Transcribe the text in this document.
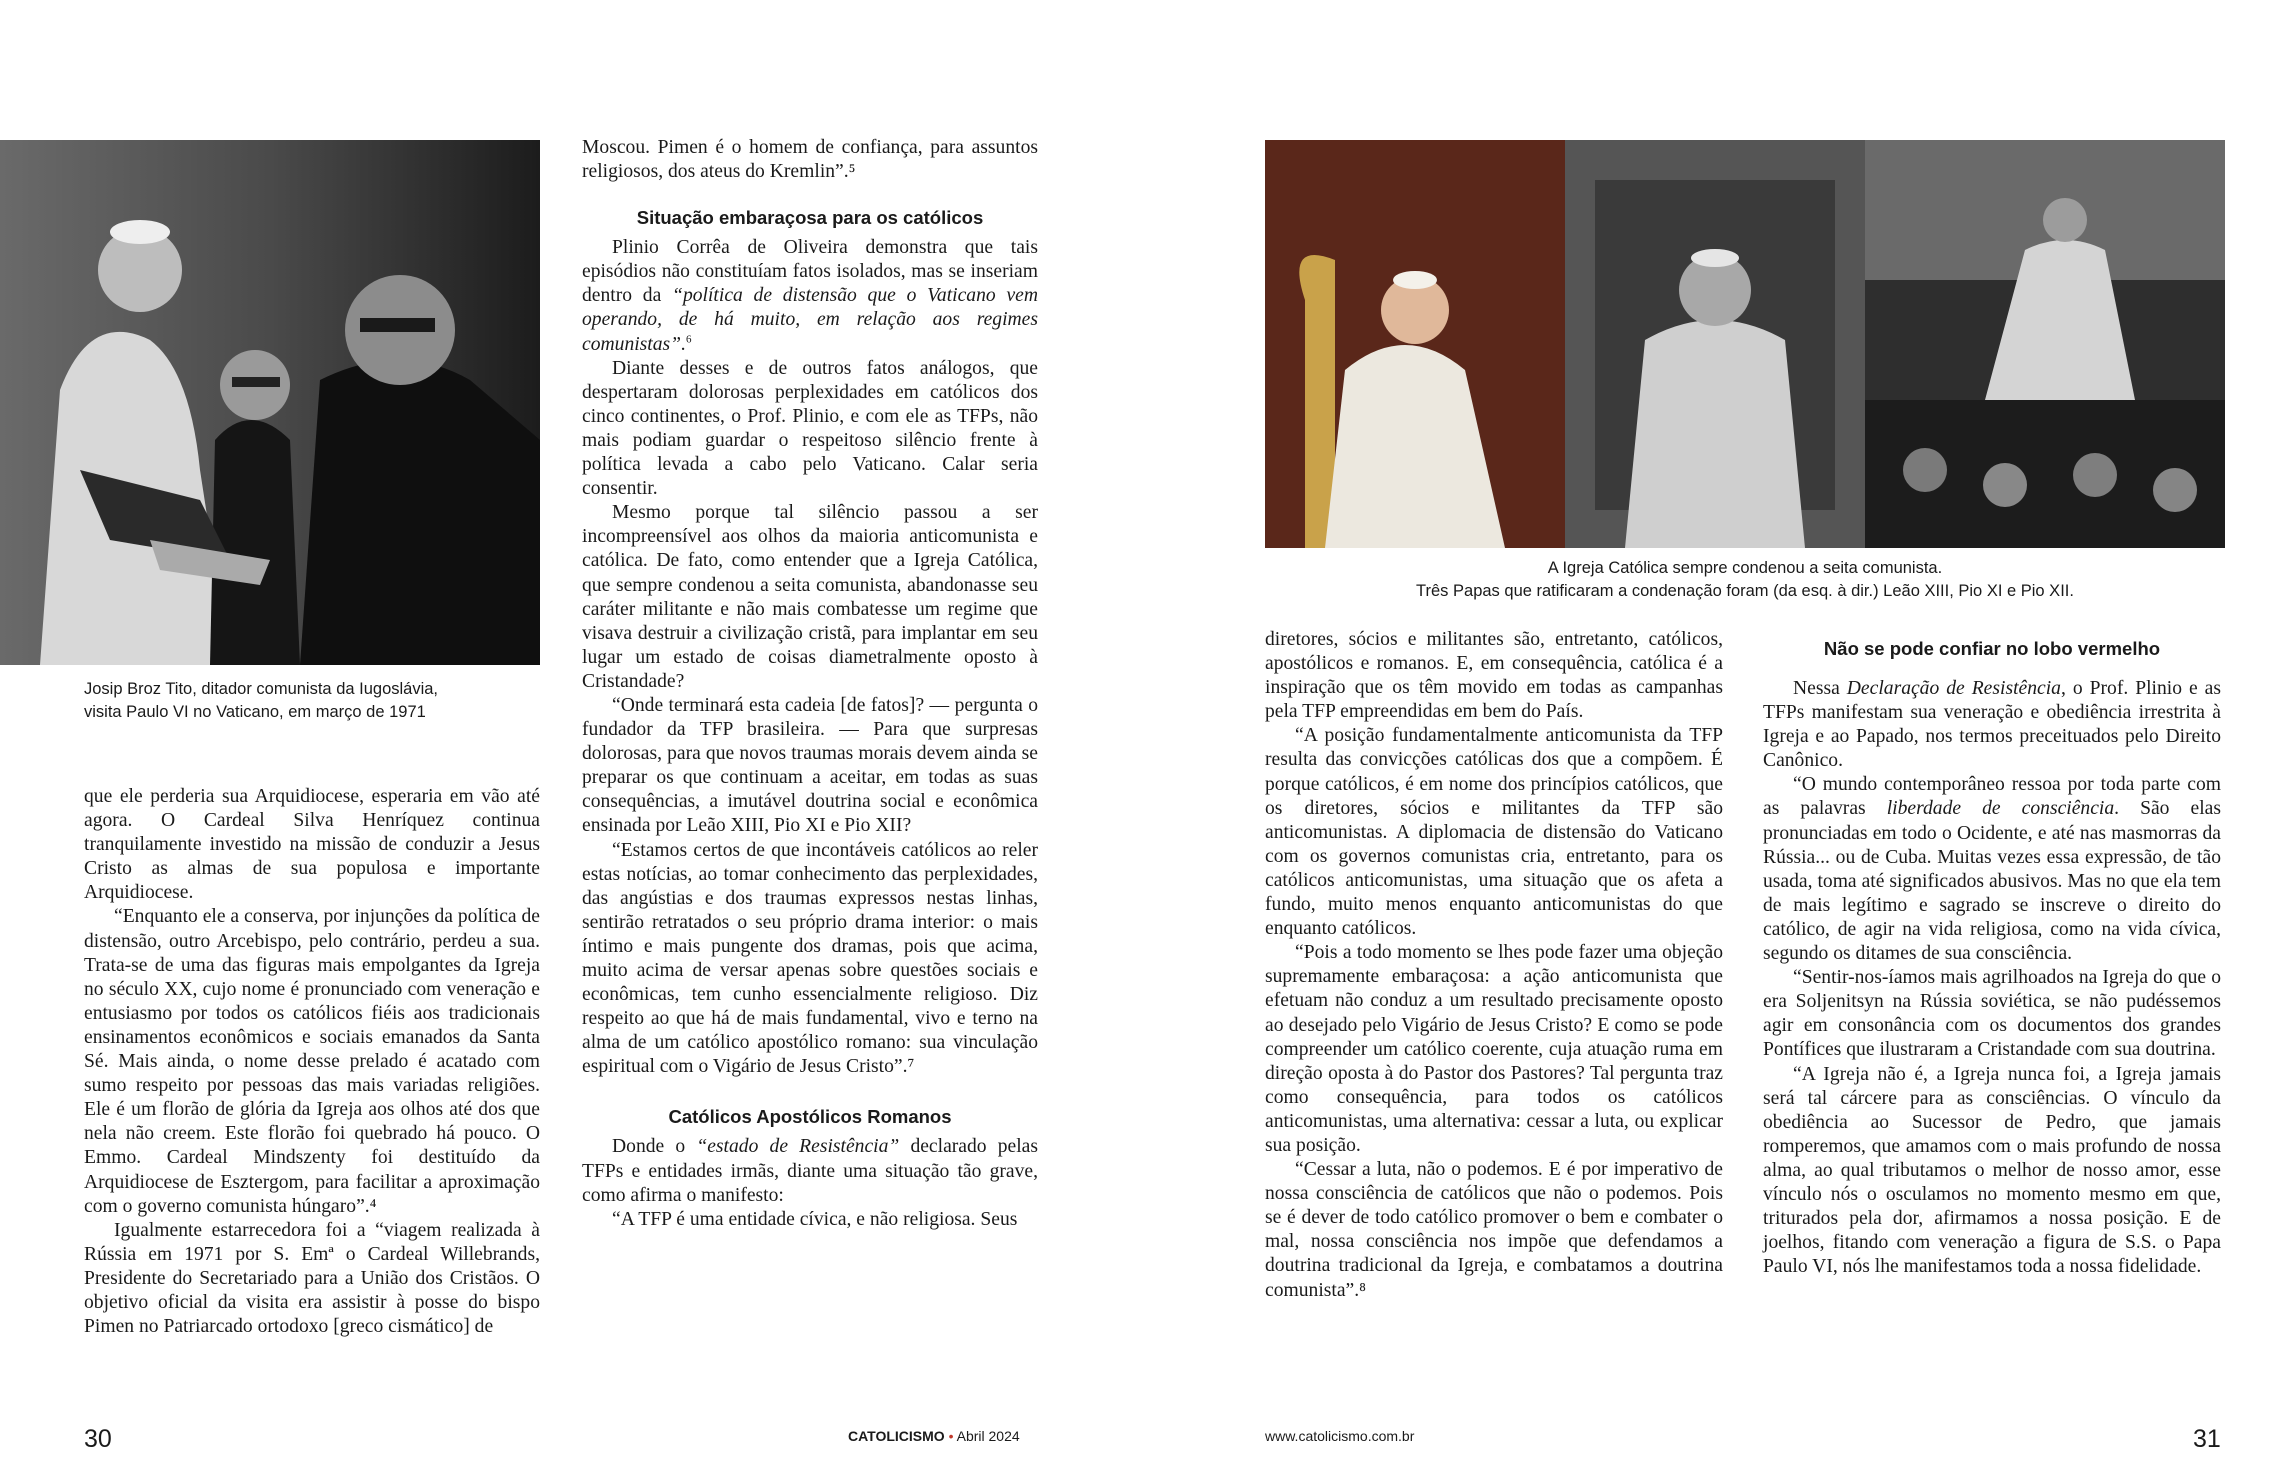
Josip Broz Tito, ditador comunista da Iugoslávia,
visita Paulo VI no Vaticano, em março de 1971

que ele perderia sua Arquidiocese, esperaria em vão até agora. O Cardeal Silva Henríquez continua tranquilamente investido na missão de conduzir a Jesus Cristo as almas de sua populosa e importante Arquidiocese.

“Enquanto ele a conserva, por injunções da política de distensão, outro Arcebispo, pelo contrário, perdeu a sua. Trata-se de uma das figuras mais empolgantes da Igreja no século XX, cujo nome é pronunciado com veneração e entusiasmo por todos os católicos fiéis aos tradicionais ensinamentos econômicos e sociais emanados da Santa Sé. Mais ainda, o nome desse prelado é acatado com sumo respeito por pessoas das mais variadas religiões. Ele é um florão de glória da Igreja aos olhos até dos que nela não creem. Este florão foi quebrado há pouco. O Emmo. Cardeal Mindszenty foi destituído da Arquidiocese de Esztergom, para facilitar a aproximação com o governo comunista húngaro”.⁴

Igualmente estarrecedora foi a “viagem realizada à Rússia em 1971 por S. Emª o Cardeal Willebrands, Presidente do Secretariado para a União dos Cristãos. O objetivo oficial da visita era assistir à posse do bispo Pimen no Patriarcado ortodoxo [greco cismático] de

Moscou. Pimen é o homem de confiança, para assuntos religiosos, dos ateus do Kremlin”.⁵

Situação embaraçosa para os católicos

Plinio Corrêa de Oliveira demonstra que tais episódios não constituíam fatos isolados, mas se inseriam dentro da “política de distensão que o Vaticano vem operando, de há muito, em relação aos regimes comunistas”.$^6$

Diante desses e de outros fatos análogos, que despertaram dolorosas perplexidades em católicos dos cinco continentes, o Prof. Plinio, e com ele as TFPs, não mais podiam guardar o respeitoso silêncio frente à política levada a cabo pelo Vaticano. Calar seria consentir.

Mesmo porque tal silêncio passou a ser incompreensível aos olhos da maioria anticomunista e católica. De fato, como entender que a Igreja Católica, que sempre condenou a seita comunista, abandonasse seu caráter militante e não mais combatesse um regime que visava destruir a civilização cristã, para implantar em seu lugar um estado de coisas diametralmente oposto à Cristandade?

“Onde terminará esta cadeia [de fatos]? — pergunta o fundador da TFP brasileira. — Para que surpresas dolorosas, para que novos traumas morais devem ainda se preparar os que continuam a aceitar, em todas as suas consequências, a imutável doutrina social e econômica ensinada por Leão XIII, Pio XI e Pio XII?

“Estamos certos de que incontáveis católicos ao reler estas notícias, ao tomar conhecimento das perplexidades, das angústias e dos traumas expressos nestas linhas, sentirão retratados o seu próprio drama interior: o mais íntimo e mais pungente dos dramas, pois que acima, muito acima de versar apenas sobre questões sociais e econômicas, tem cunho essencialmente religioso. Diz respeito ao que há de mais fundamental, vivo e terno na alma de um católico apostólico romano: sua vinculação espiritual com o Vigário de Jesus Cristo”.⁷

Católicos Apostólicos Romanos

Donde o “estado de Resistência” declarado pelas TFPs e entidades irmãs, diante uma situação tão grave, como afirma o manifesto:

“A TFP é uma entidade cívica, e não religiosa. Seus

30	CATOLICISMO • Abril 2024
A Igreja Católica sempre condenou a seita comunista.
Três Papas que ratificaram a condenação foram (da esq. à dir.) Leão XIII, Pio XI e Pio XII.

diretores, sócios e militantes são, entretanto, católicos, apostólicos e romanos. E, em consequência, católica é a inspiração que os têm movido em todas as campanhas pela TFP empreendidas em bem do País.

“A posição fundamentalmente anticomunista da TFP resulta das convicções católicas dos que a compõem. É porque católicos, é em nome dos princípios católicos, que os diretores, sócios e militantes da TFP são anticomunistas. A diplomacia de distensão do Vaticano com os governos comunistas cria, entretanto, para os católicos anticomunistas, uma situação que os afeta a fundo, muito menos enquanto anticomunistas do que enquanto católicos.

“Pois a todo momento se lhes pode fazer uma objeção supremamente embaraçosa: a ação anticomunista que efetuam não conduz a um resultado precisamente oposto ao desejado pelo Vigário de Jesus Cristo? E como se pode compreender um católico coerente, cuja atuação ruma em direção oposta à do Pastor dos Pastores? Tal pergunta traz como consequência, para todos os católicos anticomunistas, uma alternativa: cessar a luta, ou explicar sua posição.

“Cessar a luta, não o podemos. E é por imperativo de nossa consciência de católicos que não o podemos. Pois se é dever de todo católico promover o bem e combater o mal, nossa consciência nos impõe que defendamos a doutrina tradicional da Igreja, e combatamos a doutrina comunista”.⁸

Não se pode confiar no lobo vermelho

Nessa Declaração de Resistência, o Prof. Plinio e as TFPs manifestam sua veneração e obediência irrestrita à Igreja e ao Papado, nos termos preceituados pelo Direito Canônico.

“O mundo contemporâneo ressoa por toda parte com as palavras liberdade de consciência. São elas pronunciadas em todo o Ocidente, e até nas masmorras da Rússia... ou de Cuba. Muitas vezes essa expressão, de tão usada, toma até significados abusivos. Mas no que ela tem de mais legítimo e sagrado se inscreve o direito do católico, de agir na vida religiosa, como na vida cívica, segundo os ditames de sua consciência.

“Sentir-nos-íamos mais agrilhoados na Igreja do que o era Soljenitsyn na Rússia soviética, se não pudéssemos agir em consonância com os documentos dos grandes Pontífices que ilustraram a Cristandade com sua doutrina.

“A Igreja não é, a Igreja nunca foi, a Igreja jamais será tal cárcere para as consciências. O vínculo da obediência ao Sucessor de Pedro, que jamais romperemos, que amamos com o mais profundo de nossa alma, ao qual tributamos o melhor de nosso amor, esse vínculo nós o osculamos no momento mesmo em que, triturados pela dor, afirmamos a nossa posição. E de joelhos, fitando com veneração a figura de S.S. o Papa Paulo VI, nós lhe manifestamos toda a nossa fidelidade.

www.catolicismo.com.br	31
